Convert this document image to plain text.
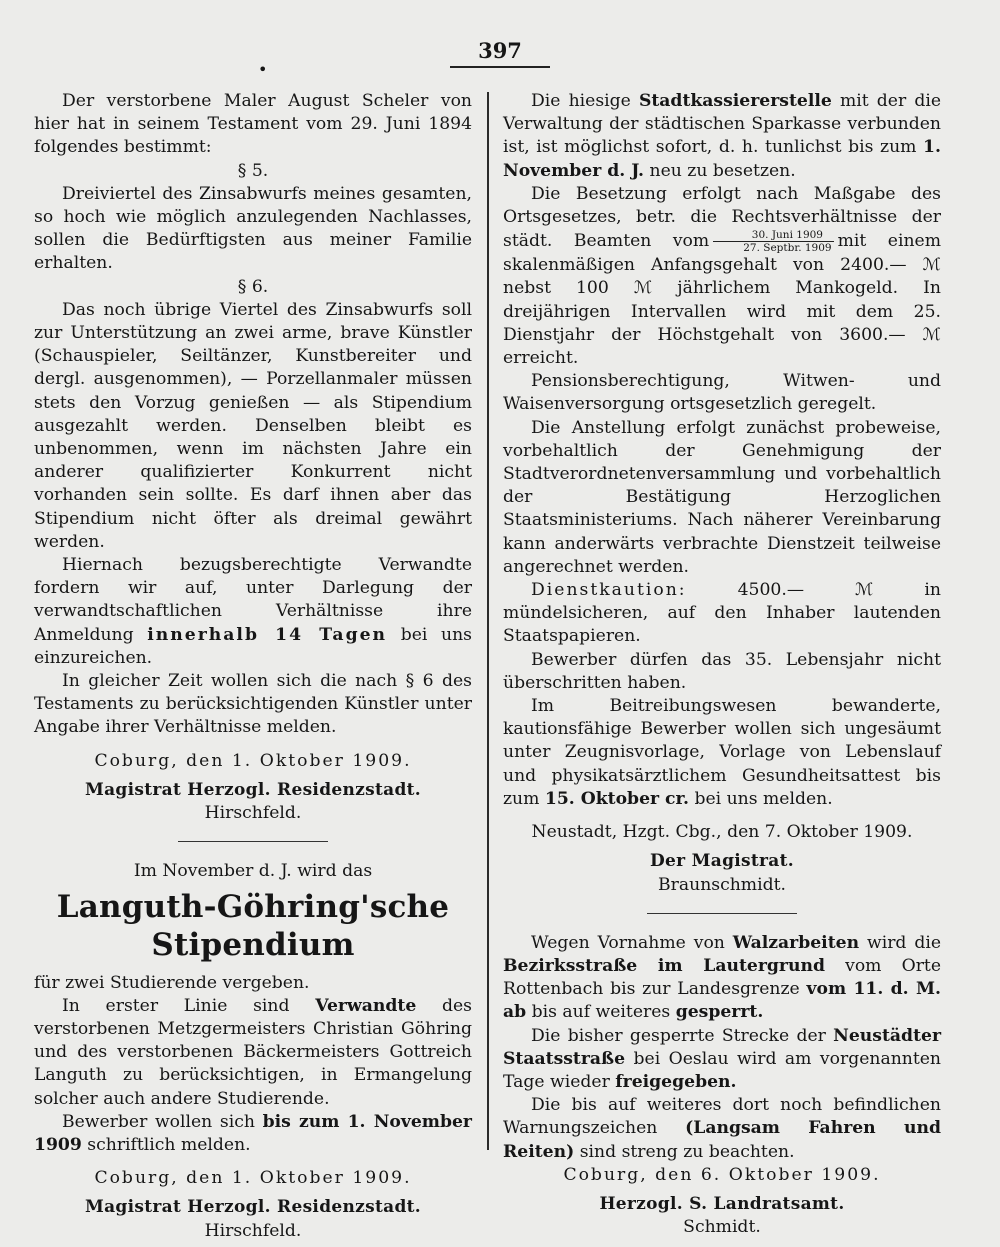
397
•

Der verstorbene Maler August Scheler von hier hat in seinem Testament vom 29. Juni 1894 folgendes bestimmt:

§ 5.

Dreiviertel des Zinsabwurfs meines gesamten, so hoch wie möglich anzulegenden Nachlasses, sollen die Bedürftigsten aus meiner Familie erhalten.

§ 6.

Das noch übrige Viertel des Zinsabwurfs soll zur Unterstützung an zwei arme, brave Künstler (Schauspieler, Seiltänzer, Kunstbereiter und dergl. ausgenommen), — Porzellanmaler müssen stets den Vorzug genießen — als Stipendium ausgezahlt werden. Denselben bleibt es unbenommen, wenn im nächsten Jahre ein anderer qualifizierter Konkurrent nicht vorhanden sein sollte. Es darf ihnen aber das Stipendium nicht öfter als dreimal gewährt werden.

Hiernach bezugsberechtigte Verwandte fordern wir auf, unter Darlegung der verwandtschaftlichen Verhältnisse ihre Anmeldung innerhalb 14 Tagen bei uns einzureichen.

In gleicher Zeit wollen sich die nach § 6 des Testaments zu berücksichtigenden Künstler unter Angabe ihrer Verhältnisse melden.

Coburg, den 1. Oktober 1909.

Magistrat Herzogl. Residenzstadt.

Hirschfeld.

Im November d. J. wird das

Languth-Göhring'sche Stipendium

für zwei Studierende vergeben.

In erster Linie sind Verwandte des verstorbenen Metzgermeisters Christian Göhring und des verstorbenen Bäckermeisters Gottreich Languth zu berücksichtigen, in Ermangelung solcher auch andere Studierende.

Bewerber wollen sich bis zum 1. November 1909 schriftlich melden.

Coburg, den 1. Oktober 1909.

Magistrat Herzogl. Residenzstadt.

Hirschfeld.

Die hiesige Stadtkassiererstelle mit der die Verwaltung der städtischen Sparkasse verbunden ist, ist möglichst sofort, d. h. tunlichst bis zum 1. November d. J. neu zu besetzen.

Die Besetzung erfolgt nach Maßgabe des Ortsgesetzes, betr. die Rechtsverhältnisse der städt. Beamten vom $\frac{\text{30. Juni 1909}}{\text{27. Septbr. 1909}}$ mit einem skalenmäßigen Anfangsgehalt von 2400.— ℳ nebst 100 ℳ jährlichem Mankogeld. In dreijährigen Intervallen wird mit dem 25. Dienstjahr der Höchstgehalt von 3600.— ℳ erreicht.

Pensionsberechtigung, Witwen- und Waisenversorgung ortsgesetzlich geregelt.

Die Anstellung erfolgt zunächst probeweise, vorbehaltlich der Genehmigung der Stadtverordnetenversammlung und vorbehaltlich der Bestätigung Herzoglichen Staatsministeriums. Nach näherer Vereinbarung kann anderwärts verbrachte Dienstzeit teilweise angerechnet werden.

Dienstkaution: 4500.— ℳ in mündelsicheren, auf den Inhaber lautenden Staatspapieren.

Bewerber dürfen das 35. Lebensjahr nicht überschritten haben.

Im Beitreibungswesen bewanderte, kautionsfähige Bewerber wollen sich ungesäumt unter Zeugnisvorlage, Vorlage von Lebenslauf und physikatsärztlichem Gesundheitsattest bis zum 15. Oktober cr. bei uns melden.

Neustadt, Hzgt. Cbg., den 7. Oktober 1909.

Der Magistrat.

Braunschmidt.

Wegen Vornahme von Walzarbeiten wird die Bezirksstraße im Lautergrund vom Orte Rottenbach bis zur Landesgrenze vom 11. d. M. ab bis auf weiteres gesperrt.

Die bisher gesperrte Strecke der Neustädter Staatsstraße bei Oeslau wird am vorgenannten Tage wieder freigegeben.

Die bis auf weiteres dort noch befindlichen Warnungszeichen (Langsam Fahren und Reiten) sind streng zu beachten.

Coburg, den 6. Oktober 1909.

Herzogl. S. Landratsamt.

Schmidt.
